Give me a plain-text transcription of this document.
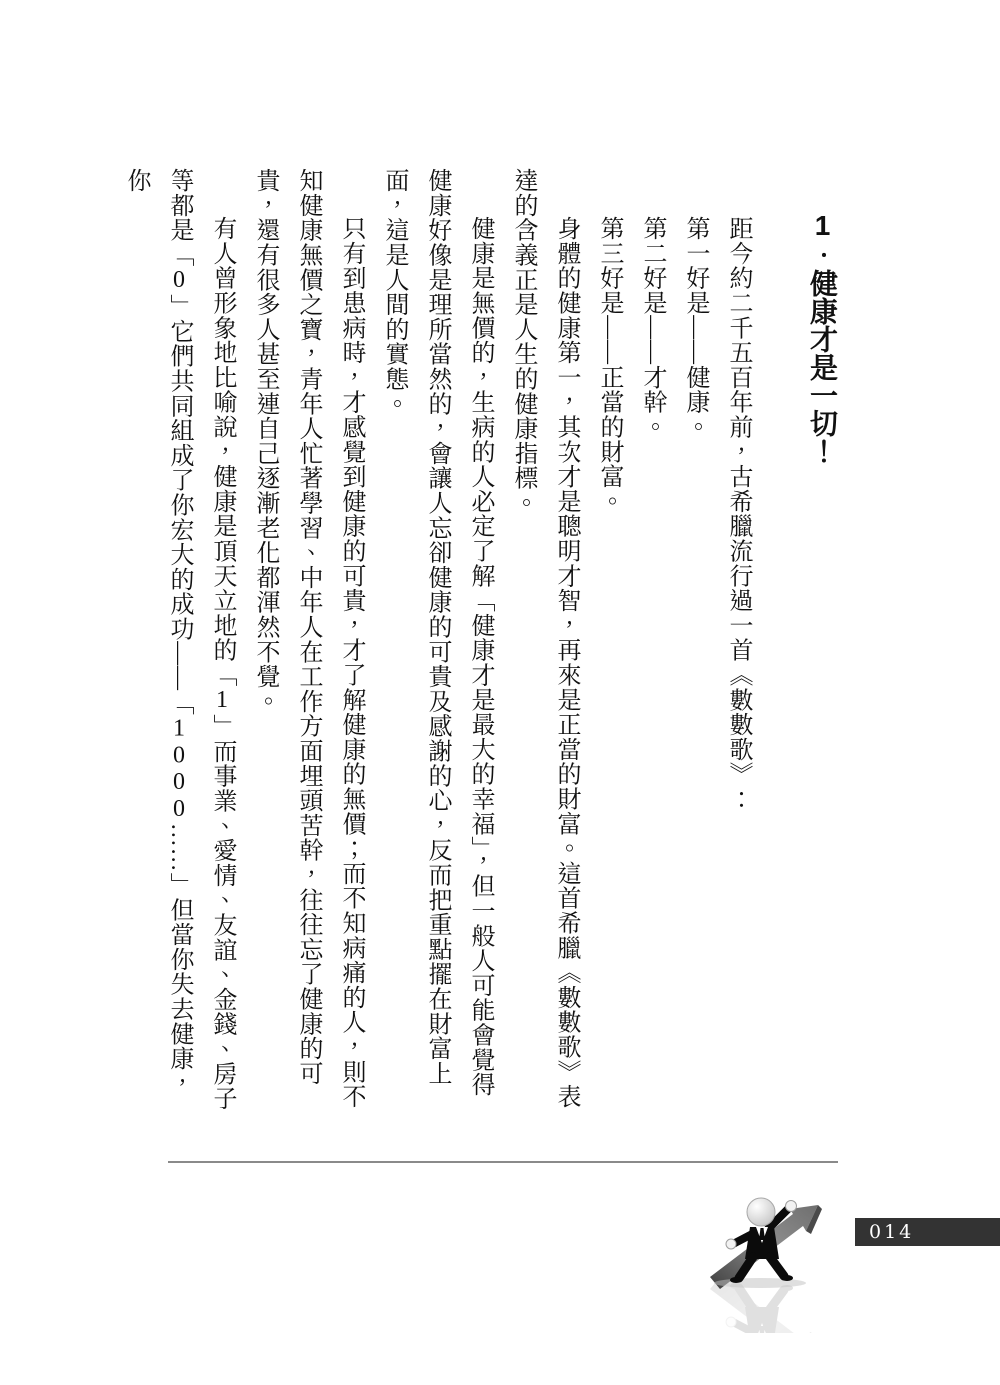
1．健康才是一切！

距今約二千五百年前，古希臘流行過一首《數數歌》：

第一好是——健康。

第二好是——才幹。

第三好是——正當的財富。

身體的健康第一，其次才是聰明才智，再來是正當的財富。這首希臘《數數歌》表達的含義正是人生的健康指標。

健康是無價的，生病的人必定了解「健康才是最大的幸福」，但一般人可能會覺得健康好像是理所當然的，會讓人忘卻健康的可貴及感謝的心，反而把重點擺在財富上面，這是人間的實態。

只有到患病時，才感覺到健康的可貴，才了解健康的無價；而不知病痛的人，則不知健康無價之寶，青年人忙著學習、中年人在工作方面埋頭苦幹，往往忘了健康的可貴，還有很多人甚至連自己逐漸老化都渾然不覺。

有人曾形象地比喻說，健康是頂天立地的「1」而事業、愛情、友誼、金錢、房子等都是「0」它們共同組成了你宏大的成功——「1000……」但當你失去健康，你

014
